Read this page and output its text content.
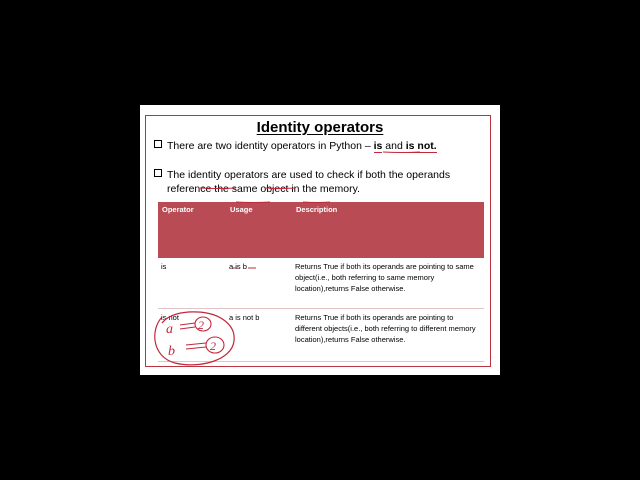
Identity operators
There are two identity operators in Python – is and is not.
The identity operators are used to check if both the operands
reference the same object in the memory.
Operator	Usage	Description
is	a is b	Returns True if both its operands are pointing to same object(i.e., both referring to same memory location),returns False otherwise.
is not	a is not b	Returns True if both its operands are pointing to different objects(i.e., both referring to different memory location),returns False otherwise.
a
b
2
2
